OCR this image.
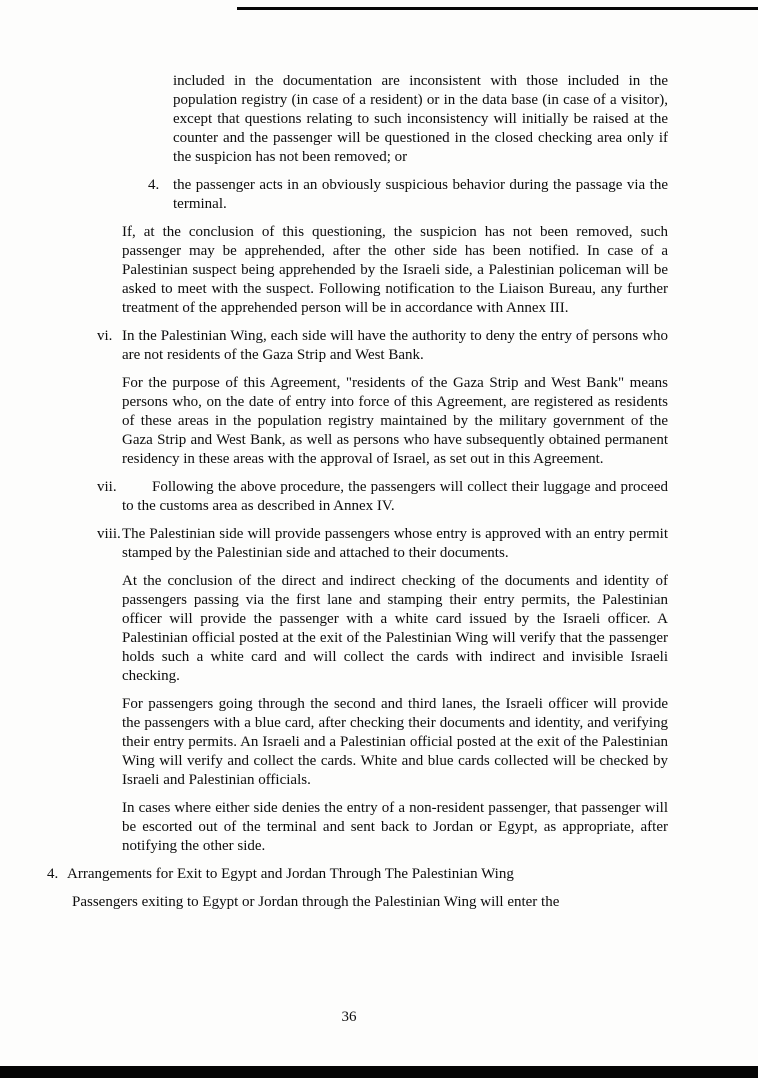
included in the documentation are inconsistent with those included in the population registry (in case of a resident) or in the data base (in case of a visitor), except that questions relating to such inconsistency will initially be raised at the counter and the passenger will be questioned in the closed checking area only if the suspicion has not been removed; or
4. the passenger acts in an obviously suspicious behavior during the passage via the terminal.
If, at the conclusion of this questioning, the suspicion has not been removed, such passenger may be apprehended, after the other side has been notified. In case of a Palestinian suspect being apprehended by the Israeli side, a Palestinian policeman will be asked to meet with the suspect. Following notification to the Liaison Bureau, any further treatment of the apprehended person will be in accordance with Annex III.
vi. In the Palestinian Wing, each side will have the authority to deny the entry of persons who are not residents of the Gaza Strip and West Bank.
For the purpose of this Agreement, "residents of the Gaza Strip and West Bank" means persons who, on the date of entry into force of this Agreement, are registered as residents of these areas in the population registry maintained by the military government of the Gaza Strip and West Bank, as well as persons who have subsequently obtained permanent residency in these areas with the approval of Israel, as set out in this Agreement.
vii.	Following the above procedure, the passengers will collect their luggage and proceed to the customs area as described in Annex IV.
viii. The Palestinian side will provide passengers whose entry is approved with an entry permit stamped by the Palestinian side and attached to their documents.
At the conclusion of the direct and indirect checking of the documents and identity of passengers passing via the first lane and stamping their entry permits, the Palestinian officer will provide the passenger with a white card issued by the Israeli officer. A Palestinian official posted at the exit of the Palestinian Wing will verify that the passenger holds such a white card and will collect the cards with indirect and invisible Israeli checking.
For passengers going through the second and third lanes, the Israeli officer will provide the passengers with a blue card, after checking their documents and identity, and verifying their entry permits. An Israeli and a Palestinian official posted at the exit of the Palestinian Wing will verify and collect the cards. White and blue cards collected will be checked by Israeli and Palestinian officials.
In cases where either side denies the entry of a non-resident passenger, that passenger will be escorted out of the terminal and sent back to Jordan or Egypt, as appropriate, after notifying the other side.
4. Arrangements for Exit to Egypt and Jordan Through The Palestinian Wing
Passengers exiting to Egypt or Jordan through the Palestinian Wing will enter the
36
